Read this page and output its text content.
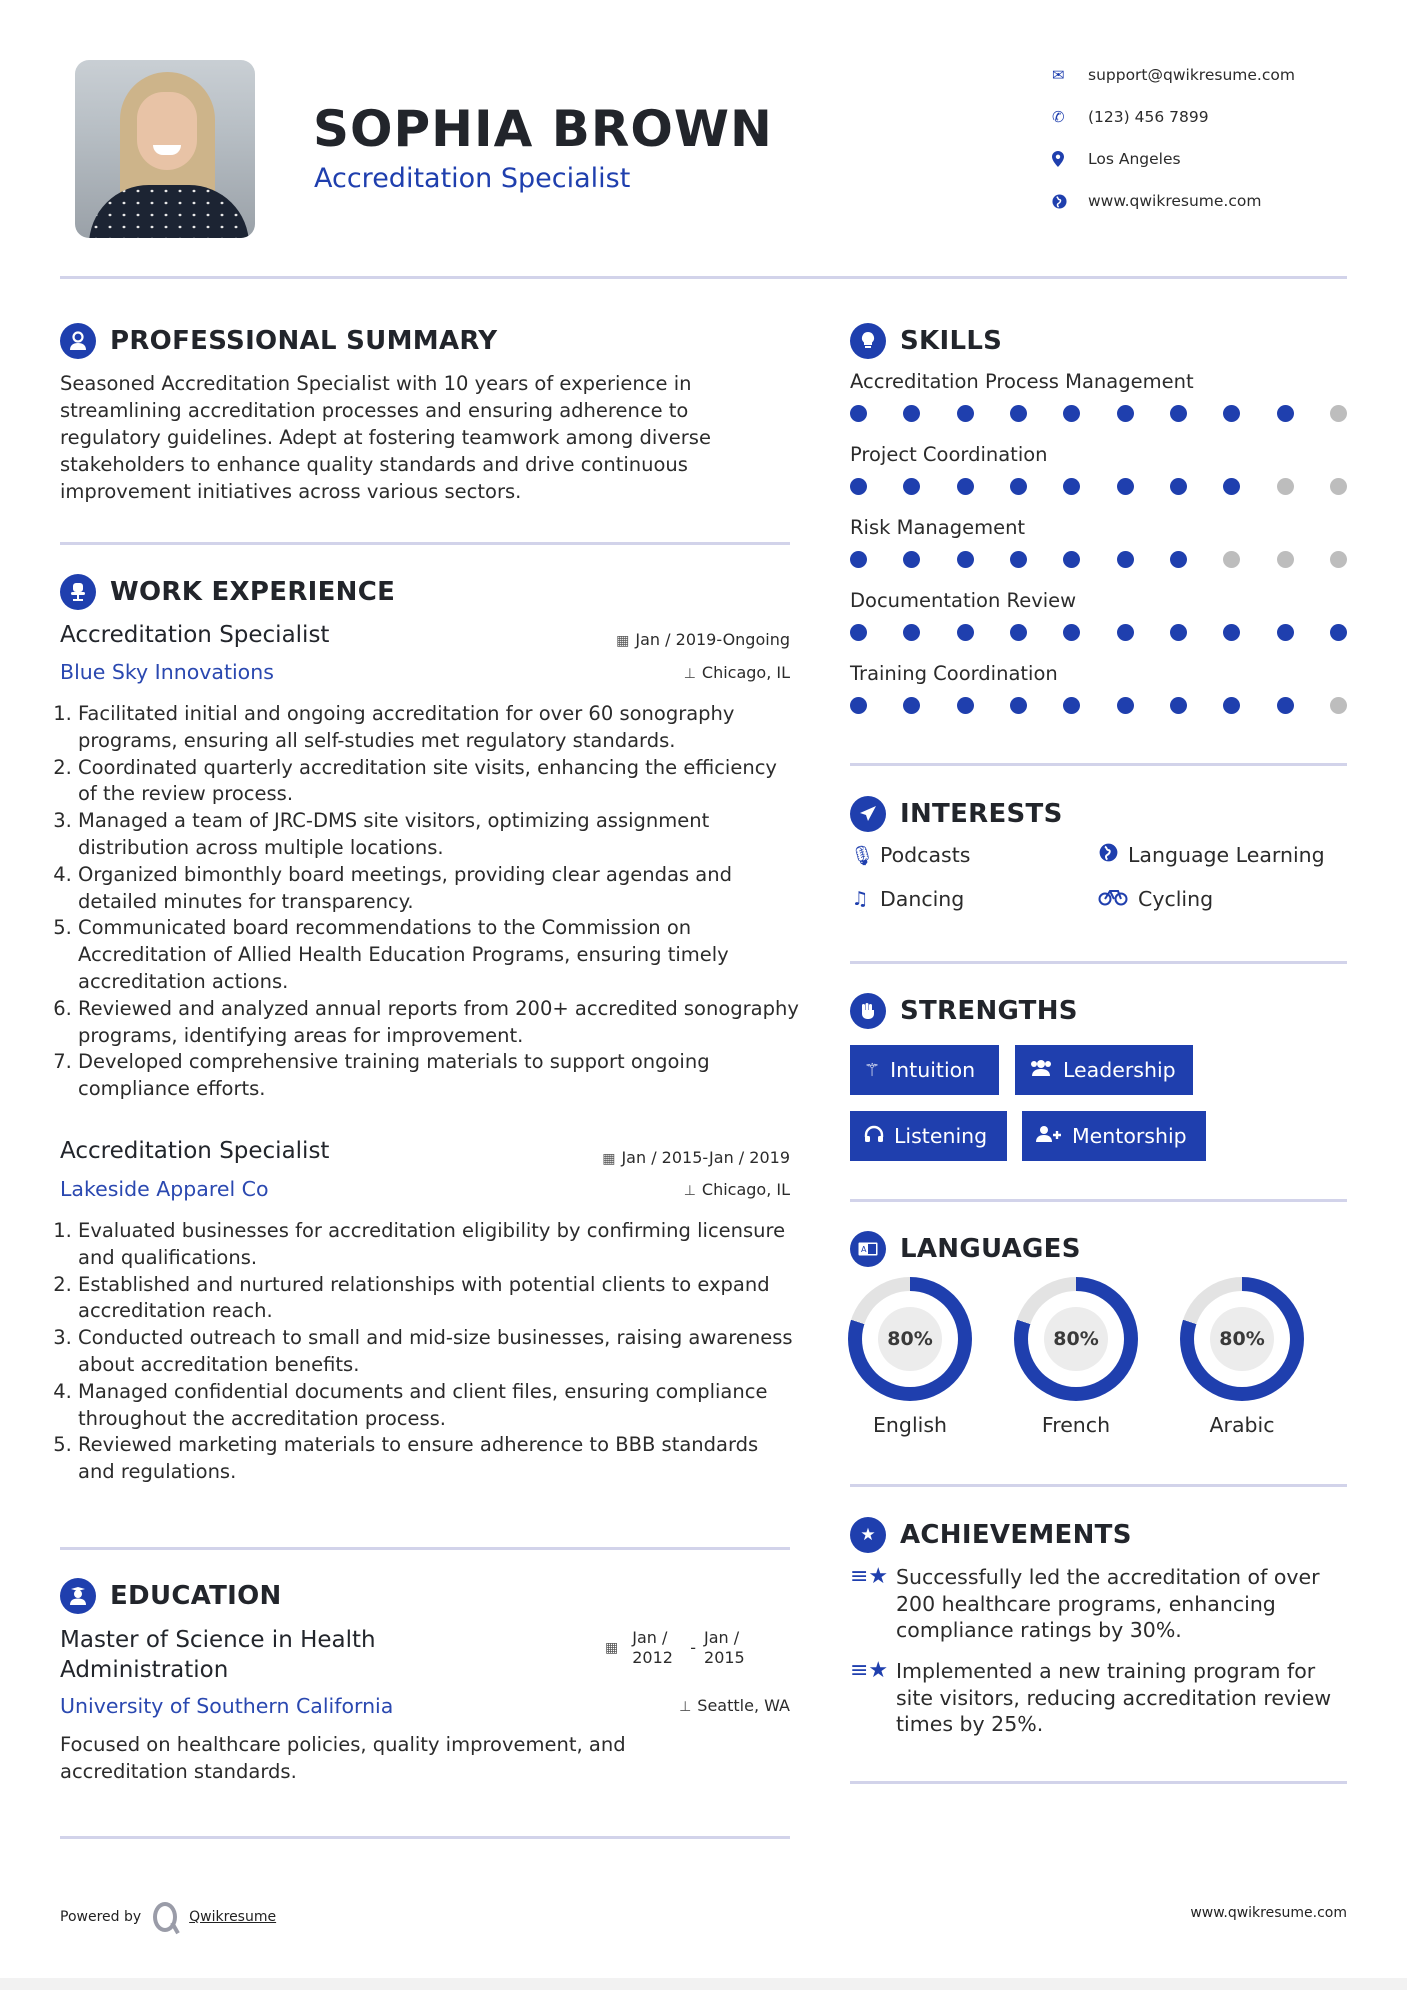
SOPHIA BROWN
Accreditation Specialist
✉	support@qwikresume.com
✆	(123) 456 7899
Los Angeles
www.qwikresume.com
PROFESSIONAL SUMMARY
Seasoned Accreditation Specialist with 10 years of experience in streamlining accreditation processes and ensuring adherence to regulatory guidelines. Adept at fostering teamwork among diverse stakeholders to enhance quality standards and drive continuous improvement initiatives across various sectors.
WORK EXPERIENCE
Accreditation Specialist	▦ Jan / 2019-Ongoing
Blue Sky Innovations	⊥ Chicago, IL
1. Facilitated initial and ongoing accreditation for over 60 sonography programs, ensuring all self-studies met regulatory standards.
2. Coordinated quarterly accreditation site visits, enhancing the efficiency of the review process.
3. Managed a team of JRC-DMS site visitors, optimizing assignment distribution across multiple locations.
4. Organized bimonthly board meetings, providing clear agendas and detailed minutes for transparency.
5. Communicated board recommendations to the Commission on Accreditation of Allied Health Education Programs, ensuring timely accreditation actions.
6. Reviewed and analyzed annual reports from 200+ accredited sonography programs, identifying areas for improvement.
7. Developed comprehensive training materials to support ongoing compliance efforts.
Accreditation Specialist	▦ Jan / 2015-Jan / 2019
Lakeside Apparel Co	⊥ Chicago, IL
1. Evaluated businesses for accreditation eligibility by confirming licensure and qualifications.
2. Established and nurtured relationships with potential clients to expand accreditation reach.
3. Conducted outreach to small and mid-size businesses, raising awareness about accreditation benefits.
4. Managed confidential documents and client files, ensuring compliance throughout the accreditation process.
5. Reviewed marketing materials to ensure adherence to BBB standards and regulations.
EDUCATION
Master of Science in Health Administration
▦
Jan / 2012
-
Jan / 2015
University of Southern California	⊥ Seattle, WA
Focused on healthcare policies, quality improvement, and accreditation standards.
SKILLS
Accreditation Process Management
Project Coordination
Risk Management
Documentation Review
Training Coordination
INTERESTS
🎙︎ Podcasts	Language Learning
♫ Dancing	Cycling
STRENGTHS
⚚ Intuition	Leadership
Listening	Mentorship
A LANGUAGES
80%
English
80%
French
80%
Arabic
★ ACHIEVEMENTS
≡★ Successfully led the accreditation of over 200 healthcare programs, enhancing compliance ratings by 30%.
≡★ Implemented a new training program for site visitors, reducing accreditation review times by 25%.
Powered by	Qwikresume	www.qwikresume.com
